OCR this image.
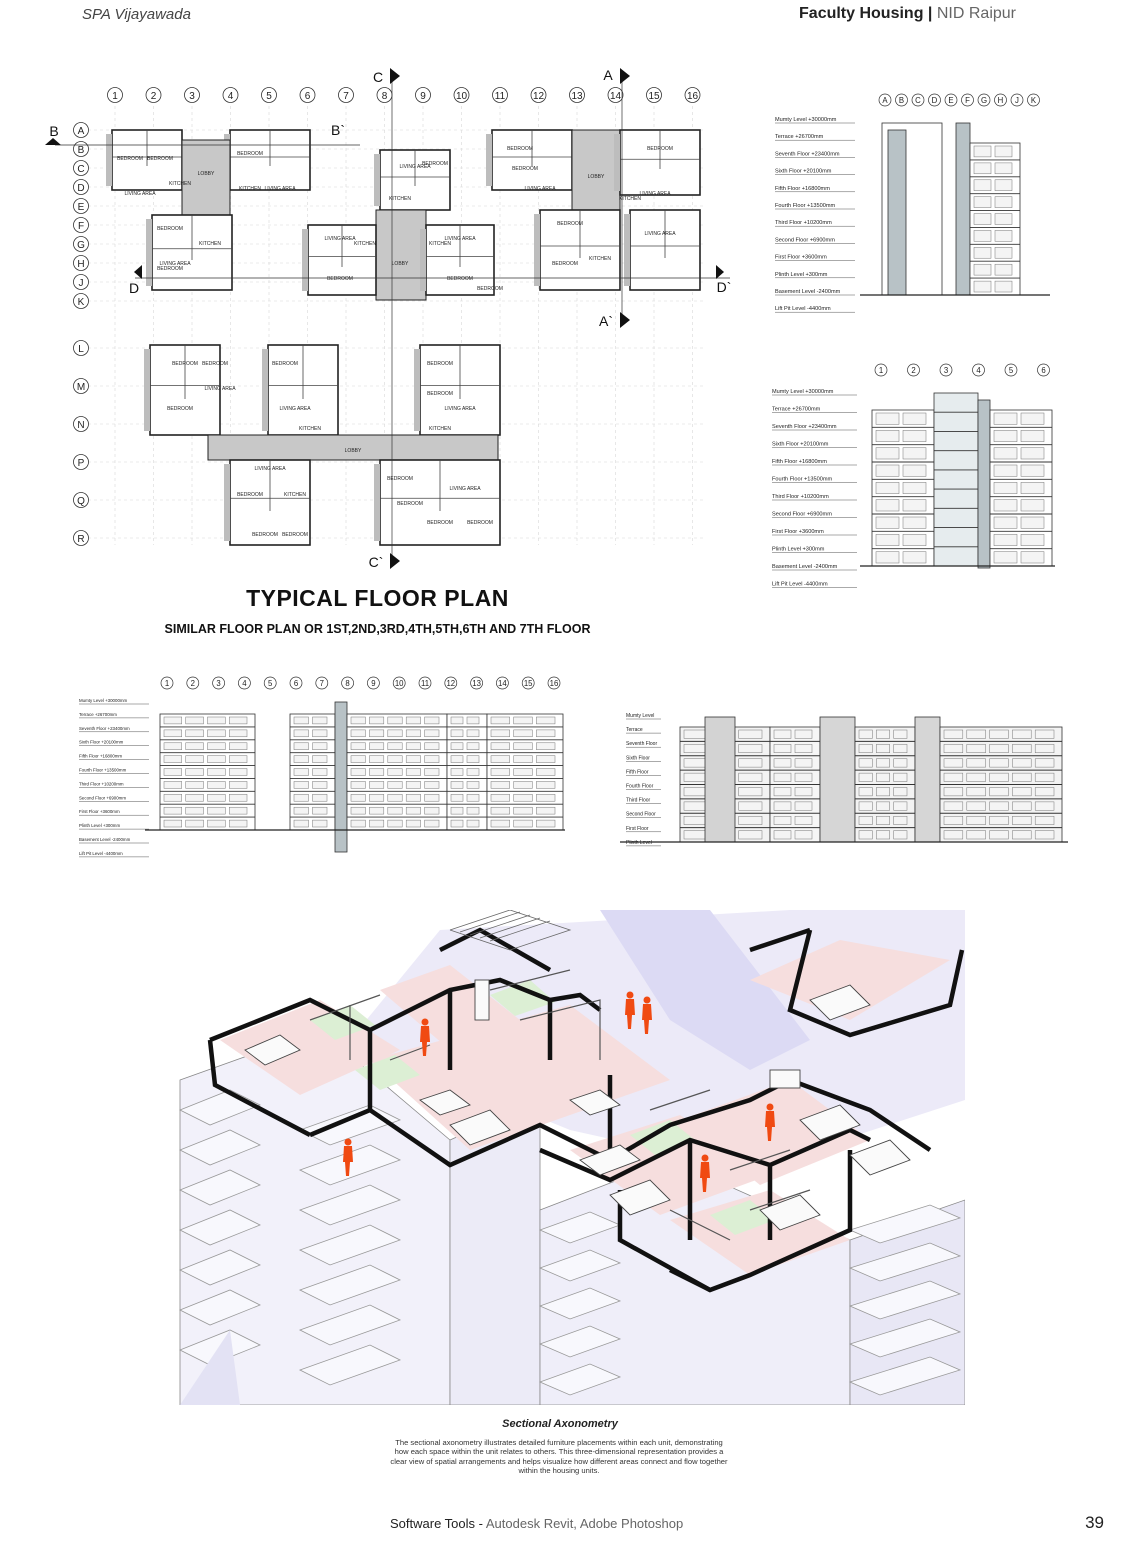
SPA Vijayawada	Faculty Housing | NID Raipur
1	2	3	4	5	6	7	8	9	10	11	12	13	14	15	16
A
B
C
D
E
F
G
H
J
K
L
M
N
P
Q
R
C	A
B	B`
D	D`
A`
C`
BEDROOM BEDROOM
LIVING AREA
KITCHEN
LOBBY
BEDROOM
KITCHEN LIVING AREA
BEDROOM
KITCHEN
LIVING AREA
BEDROOM
LIVING AREA
BEDROOM
KITCHEN
LIVING AREA
KITCHEN
LOBBY
LIVING AREA
KITCHEN
BEDROOM	BEDROOM
BEDROOM
BEDROOM
BEDROOM
LIVING AREA
LOBBY
BEDROOM
LIVING AREA
KITCHEN
BEDROOM
KITCHEN
BEDROOM
LIVING AREA
BEDROOM BEDROOM
LIVING AREA
BEDROOM
BEDROOM
LIVING AREA
KITCHEN
BEDROOM
LIVING AREA
KITCHEN
BEDROOM
LOBBY
LIVING AREA
BEDROOM	KITCHEN
BEDROOM BEDROOM
BEDROOM
LIVING AREA
BEDROOM
BEDROOM	BEDROOM
TYPICAL FLOOR PLAN
SIMILAR FLOOR PLAN OR 1ST,2ND,3RD,4TH,5TH,6TH AND 7TH FLOOR
A B C D E F G H J K
Mumty Level +30000mm
Terrace +26700mm
Seventh Floor +23400mm
Sixth Floor +20100mm
Fifth Floor +16800mm
Fourth Floor +13500mm
Third Floor +10200mm
Second Floor +6900mm
First Floor +3600mm
Plinth Level +300mm
Basement Level -2400mm
Lift Pit Level -4400mm
1	2	3	4	5	6
Mumty Level +30000mm
Terrace +26700mm
Seventh Floor +23400mm
Sixth Floor +20100mm
Fifth Floor +16800mm
Fourth Floor +13500mm
Third Floor +10200mm
Second Floor +6900mm
First Floor +3600mm
Plinth Level +300mm
Basement Level -2400mm
Lift Pit Level -4400mm
1	2	3	4	5	6	7	8	9 10 11 12 13 14 15 16
Mumty Level +30000mm
Terrace +26700mm
Seventh Floor +23400mm
Sixth Floor +20100mm
Fifth Floor +16800mm
Fourth Floor +13500mm
Third Floor +10200mm
Second Floor +6900mm
First Floor +3600mm
Plinth Level +300mm
Basement Level -2400mm
Lift Pit Level -4400mm
Mumty Level
Terrace
Seventh Floor
Sixth Floor
Fifth Floor
Fourth Floor
Third Floor
Second Floor
First Floor
Plinth Level
Sectional Axonometry
The sectional axonometry illustrates detailed furniture placements within each unit, demonstrating how each space within the unit relates to others. This three-dimensional representation provides a clear view of spatial arrangements and helps visualize how different areas connect and flow together within the housing units.
Software Tools - Autodesk Revit, Adobe Photoshop	39
